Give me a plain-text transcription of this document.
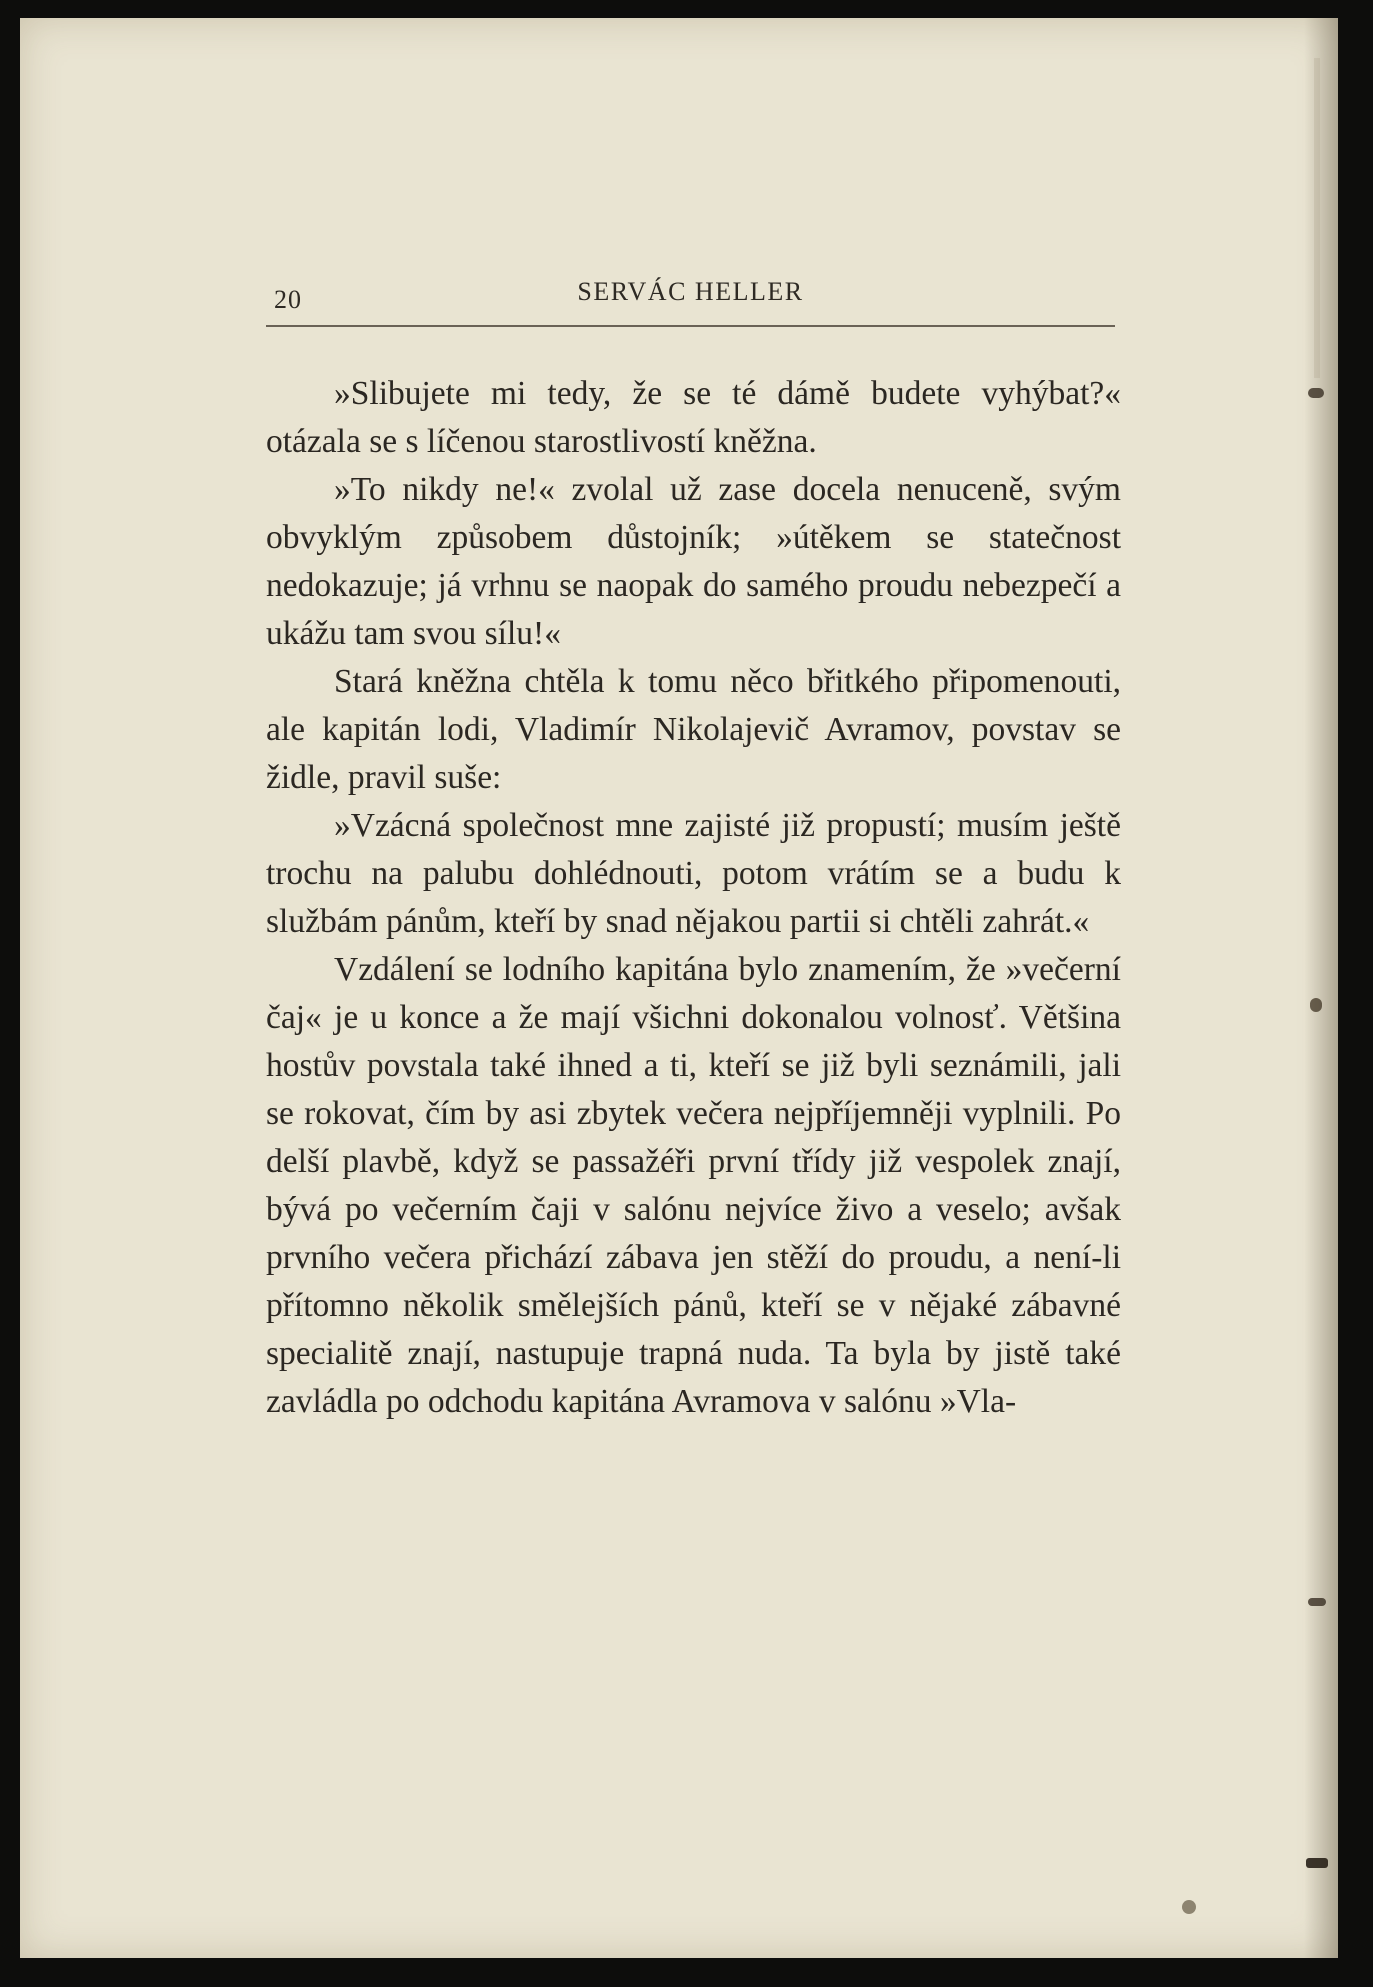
20	SERVÁC HELLER

»Slibujete mi tedy, že se té dámě budete vyhýbat?« otázala se s líčenou starostlivostí kněžna.

»To nikdy ne!« zvolal už zase docela nenuceně, svým obvyklým způsobem důstojník; »útěkem se statečnost nedokazuje; já vrhnu se naopak do samého proudu nebezpečí a ukážu tam svou sílu!«

Stará kněžna chtěla k tomu něco břitkého připomenouti, ale kapitán lodi, Vladimír Nikolajevič Avramov, povstav se židle, pravil suše:

»Vzácná společnost mne zajisté již propustí; musím ještě trochu na palubu dohlédnouti, potom vrátím se a budu k službám pánům, kteří by snad nějakou partii si chtěli zahrát.«

Vzdálení se lodního kapitána bylo znamením, že »večerní čaj« je u konce a že mají všichni dokonalou volnosť. Většina hostův povstala také ihned a ti, kteří se již byli seznámili, jali se rokovat, čím by asi zbytek večera nejpříjemněji vyplnili. Po delší plavbě, když se passažéři první třídy již vespolek znají, bývá po večerním čaji v salónu nejvíce živo a veselo; avšak prvního večera přichází zábava jen stěží do proudu, a není-li přítomno několik smělejších pánů, kteří se v nějaké zábavné specialitě znají, nastupuje trapná nuda. Ta byla by jistě také zavládla po odchodu kapitána Avramova v salónu »Vla-
